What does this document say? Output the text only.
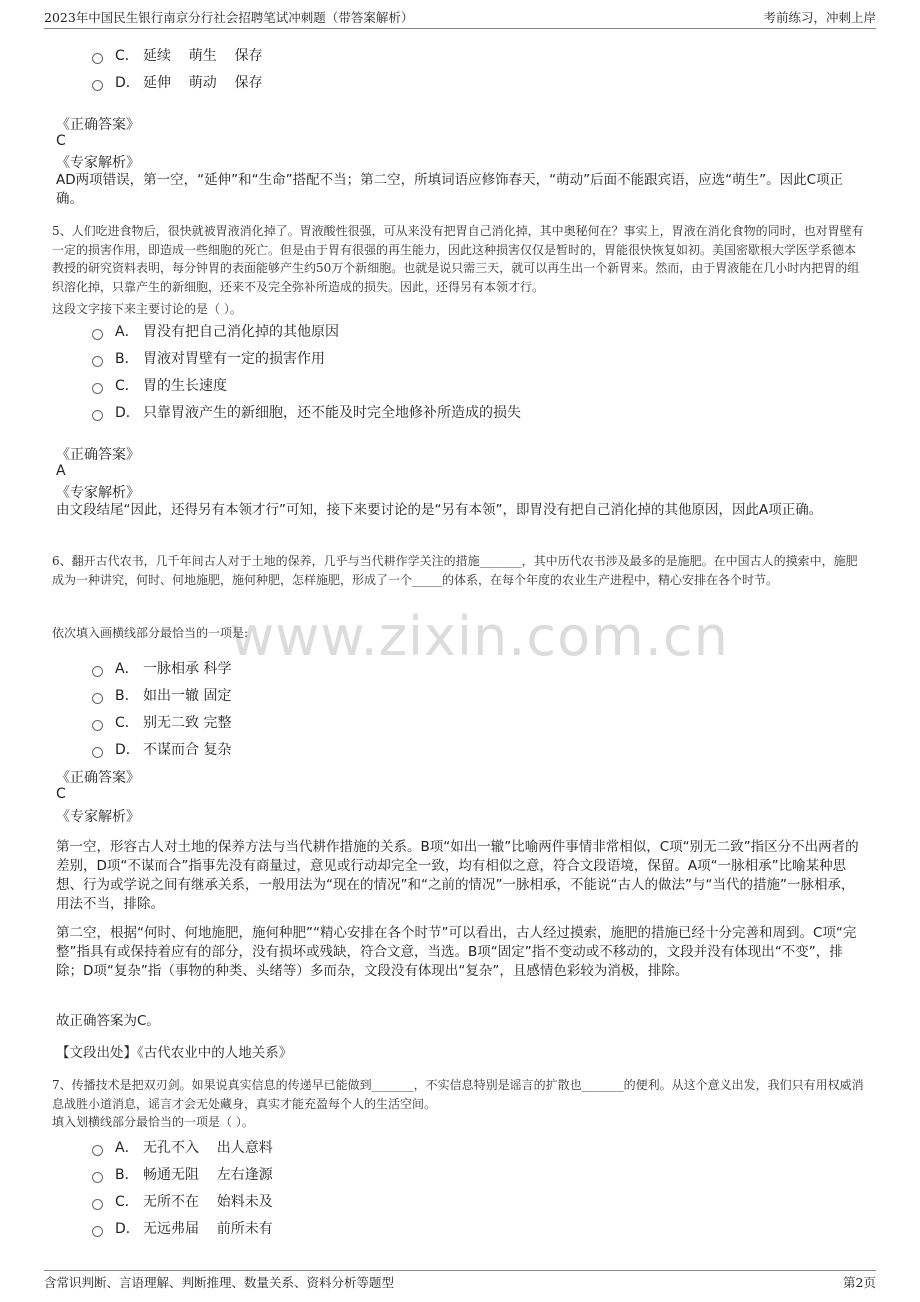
2023年中国民生银行南京分行社会招聘笔试冲刺题（带答案解析）	考前练习，冲刺上岸
www.zixin.com.cn
C． 延续    萌生    保存
D． 延伸    萌动    保存
《正确答案》
C
《专家解析》
AD两项错误，第一空，“延伸”和“生命”搭配不当；第二空，所填词语应修饰春天，“萌动”后面不能跟宾语，应选“萌生”。因此C项正确。
5、人们吃进食物后，很快就被胃液消化掉了。胃液酸性很强，可从来没有把胃自己消化掉，其中奥秘何在？事实上，胃液在消化食物的同时，也对胃壁有一定的损害作用，即造成一些细胞的死亡。但是由于胃有很强的再生能力，因此这种损害仅仅是暂时的，胃能很快恢复如初。美国密歇根大学医学系德本教授的研究资料表明，每分钟胃的表面能够产生约50万个新细胞。也就是说只需三天，就可以再生出一个新胃来。然而，由于胃液能在几小时内把胃的组织溶化掉，只靠产生的新细胞，还来不及完全弥补所造成的损失。因此，还得另有本领才行。
这段文字接下来主要讨论的是（ ）。
A． 胃没有把自己消化掉的其他原因
B． 胃液对胃壁有一定的损害作用
C． 胃的生长速度
D． 只靠胃液产生的新细胞，还不能及时完全地修补所造成的损失
《正确答案》
A
《专家解析》
由文段结尾“因此，还得另有本领才行”可知，接下来要讨论的是“另有本领”，即胃没有把自己消化掉的其他原因，因此A项正确。
6、翻开古代农书，几千年间古人对于土地的保养，几乎与当代耕作学关注的措施_______，其中历代农书涉及最多的是施肥。在中国古人的摸索中，施肥成为一种讲究，何时、何地施肥，施何种肥，怎样施肥，形成了一个_____的体系，在每个年度的农业生产进程中，精心安排在各个时节。
依次填入画横线部分最恰当的一项是:
A． 一脉相承 科学
B． 如出一辙 固定
C． 别无二致 完整
D． 不谋而合 复杂
《正确答案》
C
《专家解析》
第一空，形容古人对土地的保养方法与当代耕作措施的关系。B项“如出一辙”比喻两件事情非常相似，C项“别无二致”指区分不出两者的差别，D项“不谋而合”指事先没有商量过，意见或行动却完全一致，均有相似之意，符合文段语境，保留。A项“一脉相承”比喻某种思想、行为或学说之间有继承关系，一般用法为“现在的情况”和“之前的情况”一脉相承，不能说“古人的做法”与“当代的措施”一脉相承，用法不当，排除。
第二空，根据“何时、何地施肥，施何种肥”“精心安排在各个时节”可以看出，古人经过摸索，施肥的措施已经十分完善和周到。C项“完整”指具有或保持着应有的部分，没有损坏或残缺，符合文意，当选。B项“固定”指不变动或不移动的，文段并没有体现出“不变”，排除；D项“复杂”指（事物的种类、头绪等）多而杂，文段没有体现出“复杂”，且感情色彩较为消极，排除。
故正确答案为C。
【文段出处】《古代农业中的人地关系》
7、传播技术是把双刃剑。如果说真实信息的传递早已能做到_______，不实信息特别是谣言的扩散也_______的便利。从这个意义出发，我们只有用权威消息战胜小道消息，谣言才会无处藏身，真实才能充盈每个人的生活空间。
填入划横线部分最恰当的一项是（ ）。
A． 无孔不入    出人意料
B． 畅通无阻    左右逢源
C． 无所不在    始料未及
D． 无远弗届    前所未有
含常识判断、言语理解、判断推理、数量关系、资料分析等题型	第2页
